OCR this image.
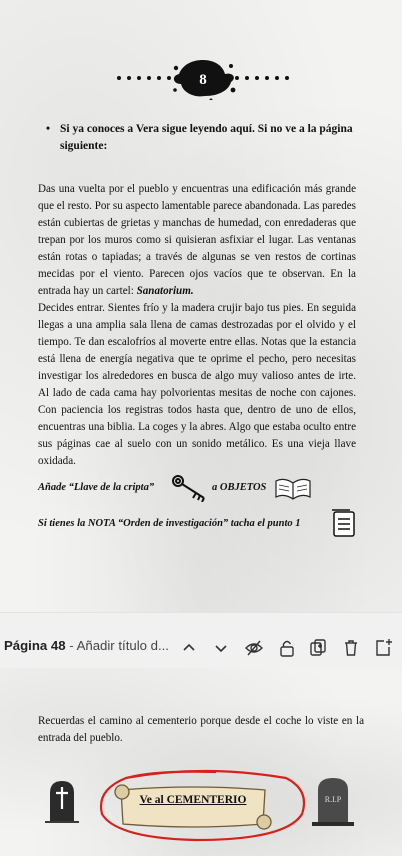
8
• Si ya conoces a Vera sigue leyendo aquí. Si no ve a la página siguiente:
Das una vuelta por el pueblo y encuentras una edificación más grande que el resto. Por su aspecto lamentable parece abandonada. Las paredes están cubiertas de grietas y manchas de humedad, con enredaderas que trepan por los muros como si quisieran asfixiar el lugar. Las ventanas están rotas o tapiadas; a través de algunas se ven restos de cortinas mecidas por el viento. Parecen ojos vacíos que te observan. En la entrada hay un cartel: Sanatorium.
Decides entrar. Sientes frío y la madera crujir bajo tus pies. En seguida llegas a una amplia sala llena de camas destrozadas por el olvido y el tiempo. Te dan escalofríos al moverte entre ellas. Notas que la estancia está llena de energía negativa que te oprime el pecho, pero necesitas investigar los alrededores en busca de algo muy valioso antes de irte. Al lado de cada cama hay polvorientas mesitas de noche con cajones. Con paciencia los registras todos hasta que, dentro de uno de ellos, encuentras una biblia. La coges y la abres. Algo que estaba oculto entre sus páginas cae al suelo con un sonido metálico. Es una vieja llave oxidada.
Añade “Llave de la cripta”	a OBJETOS
Si tienes la NOTA “Orden de investigación” tacha el punto 1
Página 48 - Añadir título d...
Recuerdas el camino al cementerio porque desde el coche lo viste en la entrada del pueblo.
Ve al CEMENTERIO	R.I.P
